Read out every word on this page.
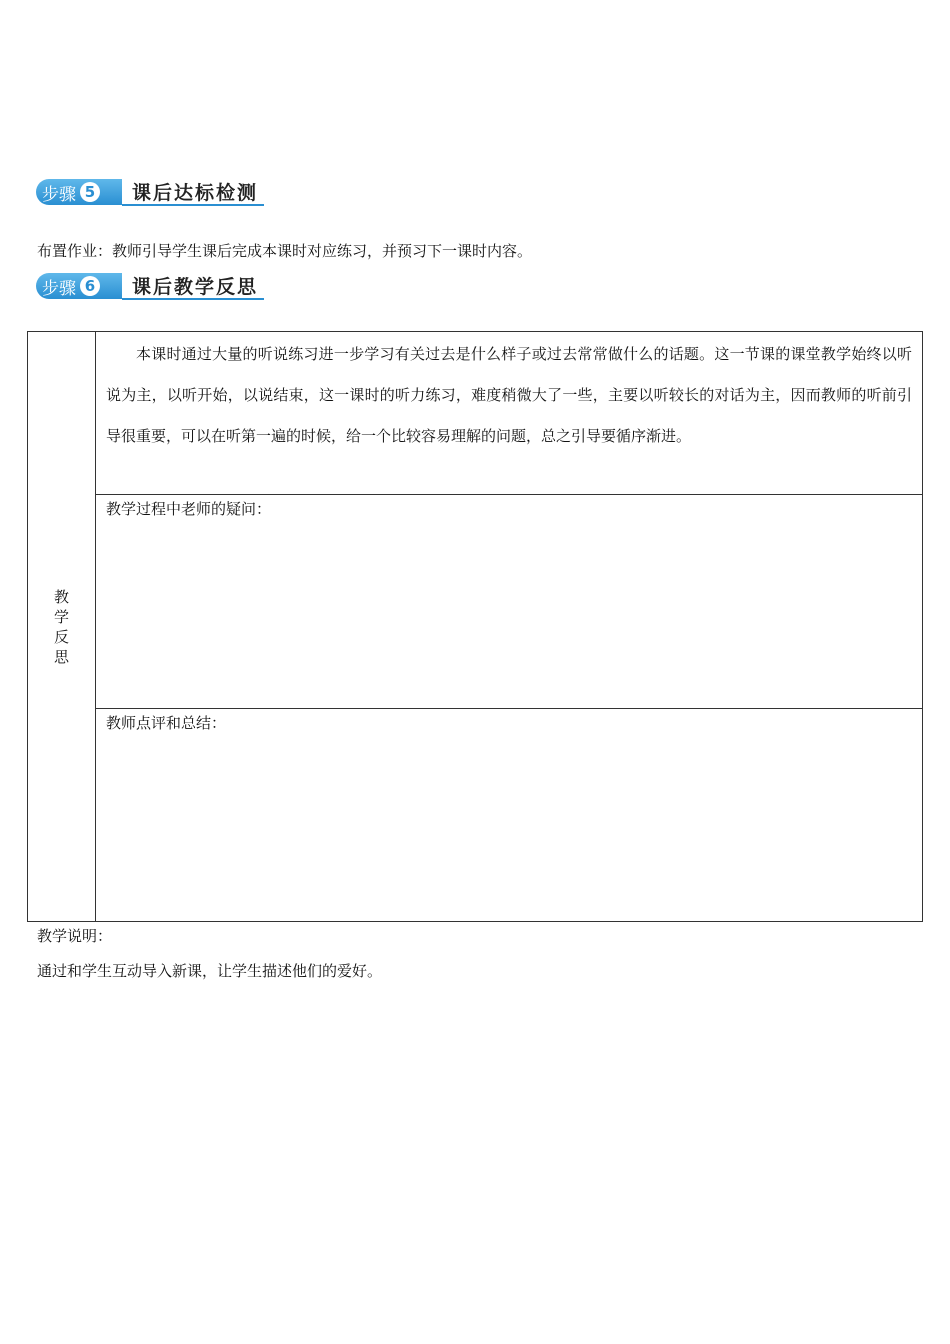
步骤 5	课后达标检测
布置作业：教师引导学生课后完成本课时对应练习，并预习下一课时内容。
步骤 6	课后教学反思
教学反思	
本课时通过大量的听说练习进一步学习有关过去是什么样子或过去常常做什么的话题。这一节课的课堂教学始终以听说为主，以听开始，以说结束，这一课时的听力练习，难度稍微大了一些，主要以听较长的对话为主，因而教师的听前引导很重要，可以在听第一遍的时候，给一个比较容易理解的问题，总之引导要循序渐进。

教学过程中老师的疑问：

教师点评和总结：
教学说明：
通过和学生互动导入新课，让学生描述他们的爱好。
